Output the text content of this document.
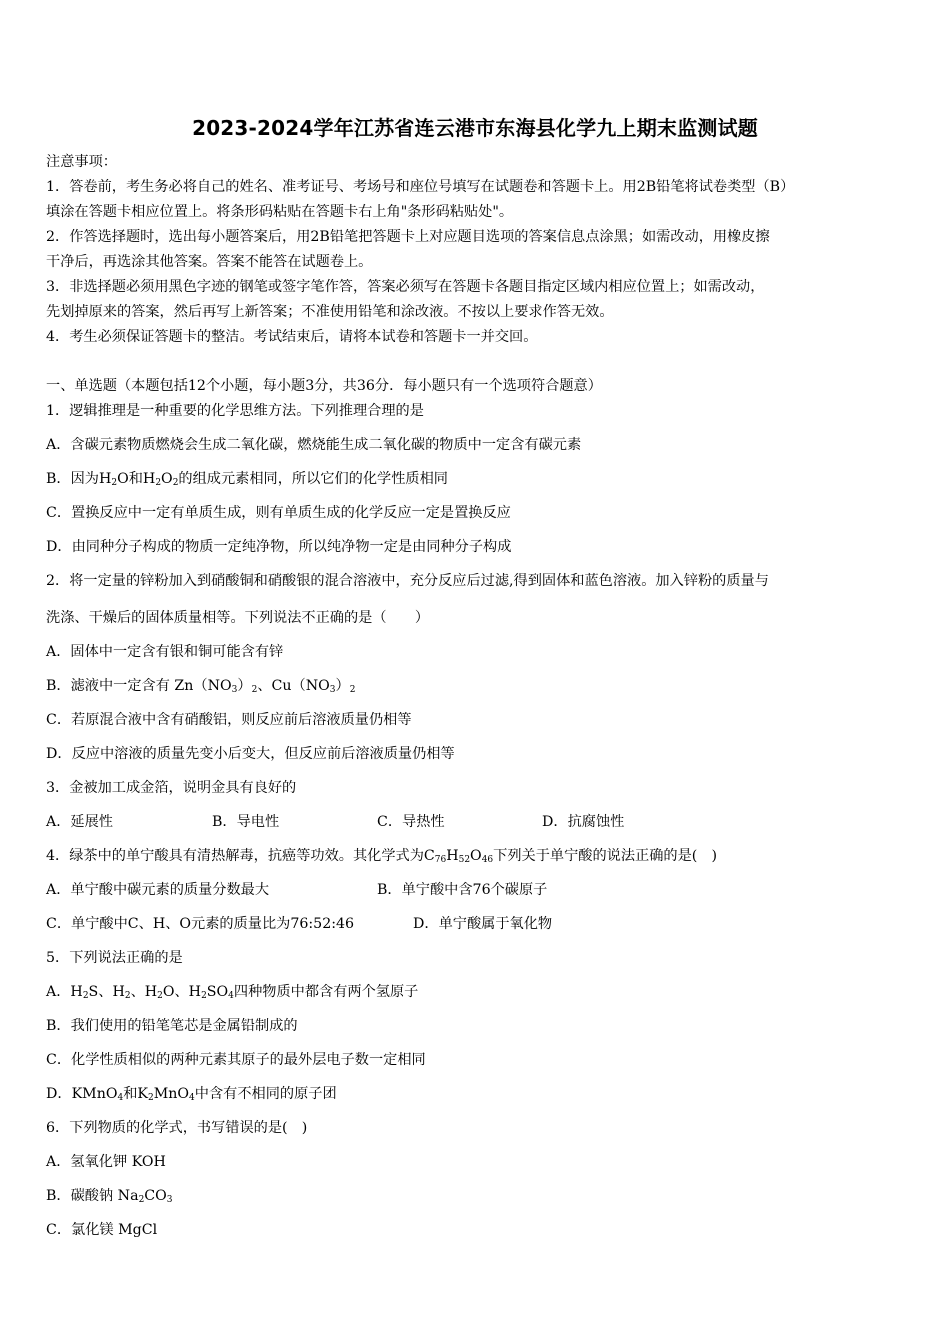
2023-2024学年江苏省连云港市东海县化学九上期末监测试题
注意事项：
1．答卷前，考生务必将自己的姓名、准考证号、考场号和座位号填写在试题卷和答题卡上。用2B铅笔将试卷类型（B）
填涂在答题卡相应位置上。将条形码粘贴在答题卡右上角"条形码粘贴处"。
2．作答选择题时，选出每小题答案后，用2B铅笔把答题卡上对应题目选项的答案信息点涂黑；如需改动，用橡皮擦
干净后，再选涂其他答案。答案不能答在试题卷上。
3．非选择题必须用黑色字迹的钢笔或签字笔作答，答案必须写在答题卡各题目指定区域内相应位置上；如需改动，
先划掉原来的答案，然后再写上新答案；不准使用铅笔和涂改液。不按以上要求作答无效。
4．考生必须保证答题卡的整洁。考试结束后，请将本试卷和答题卡一并交回。
一、单选题（本题包括12个小题，每小题3分，共36分．每小题只有一个选项符合题意）
1．逻辑推理是一种重要的化学思维方法。下列推理合理的是
A．含碳元素物质燃烧会生成二氧化碳，燃烧能生成二氧化碳的物质中一定含有碳元素
B．因为$H_2O$和$H_2O_2$的组成元素相同，所以它们的化学性质相同
C．置换反应中一定有单质生成，则有单质生成的化学反应一定是置换反应
D．由同种分子构成的物质一定纯净物，所以纯净物一定是由同种分子构成
2．将一定量的锌粉加入到硝酸铜和硝酸银的混合溶液中，充分反应后过滤,得到固体和蓝色溶液。加入锌粉的质量与
洗涤、干燥后的固体质量相等。下列说法不正确的是（　　）
A．固体中一定含有银和铜可能含有锌
B．滤液中一定含有 $Zn(NO_3)_2$、$Cu(NO_3)_2$
C．若原混合液中含有硝酸铝，则反应前后溶液质量仍相等
D．反应中溶液的质量先变小后变大，但反应前后溶液质量仍相等
3．金被加工成金箔，说明金具有良好的
A．延展性	B．导电性	C．导热性	D．抗腐蚀性
4．绿茶中的单宁酸具有清热解毒，抗癌等功效。其化学式为$C_{76}H_{52}O_{46}$下列关于单宁酸的说法正确的是(　)
A．单宁酸中碳元素的质量分数最大	B．单宁酸中含76个碳原子
C．单宁酸中C、H、O元素的质量比为76:52:46	D．单宁酸属于氧化物
5．下列说法正确的是
A．$H_2S$、$H_2$、$H_2O$、$H_2SO_4$四种物质中都含有两个氢原子
B．我们使用的铅笔笔芯是金属铅制成的
C．化学性质相似的两种元素其原子的最外层电子数一定相同
D．KMnO$_4$和$K_2MnO_4$中含有不相同的原子团
6．下列物质的化学式，书写错误的是(　)
A．氢氧化钾 KOH
B．碳酸钠 $Na_2CO_3$
C．氯化镁 MgCl
